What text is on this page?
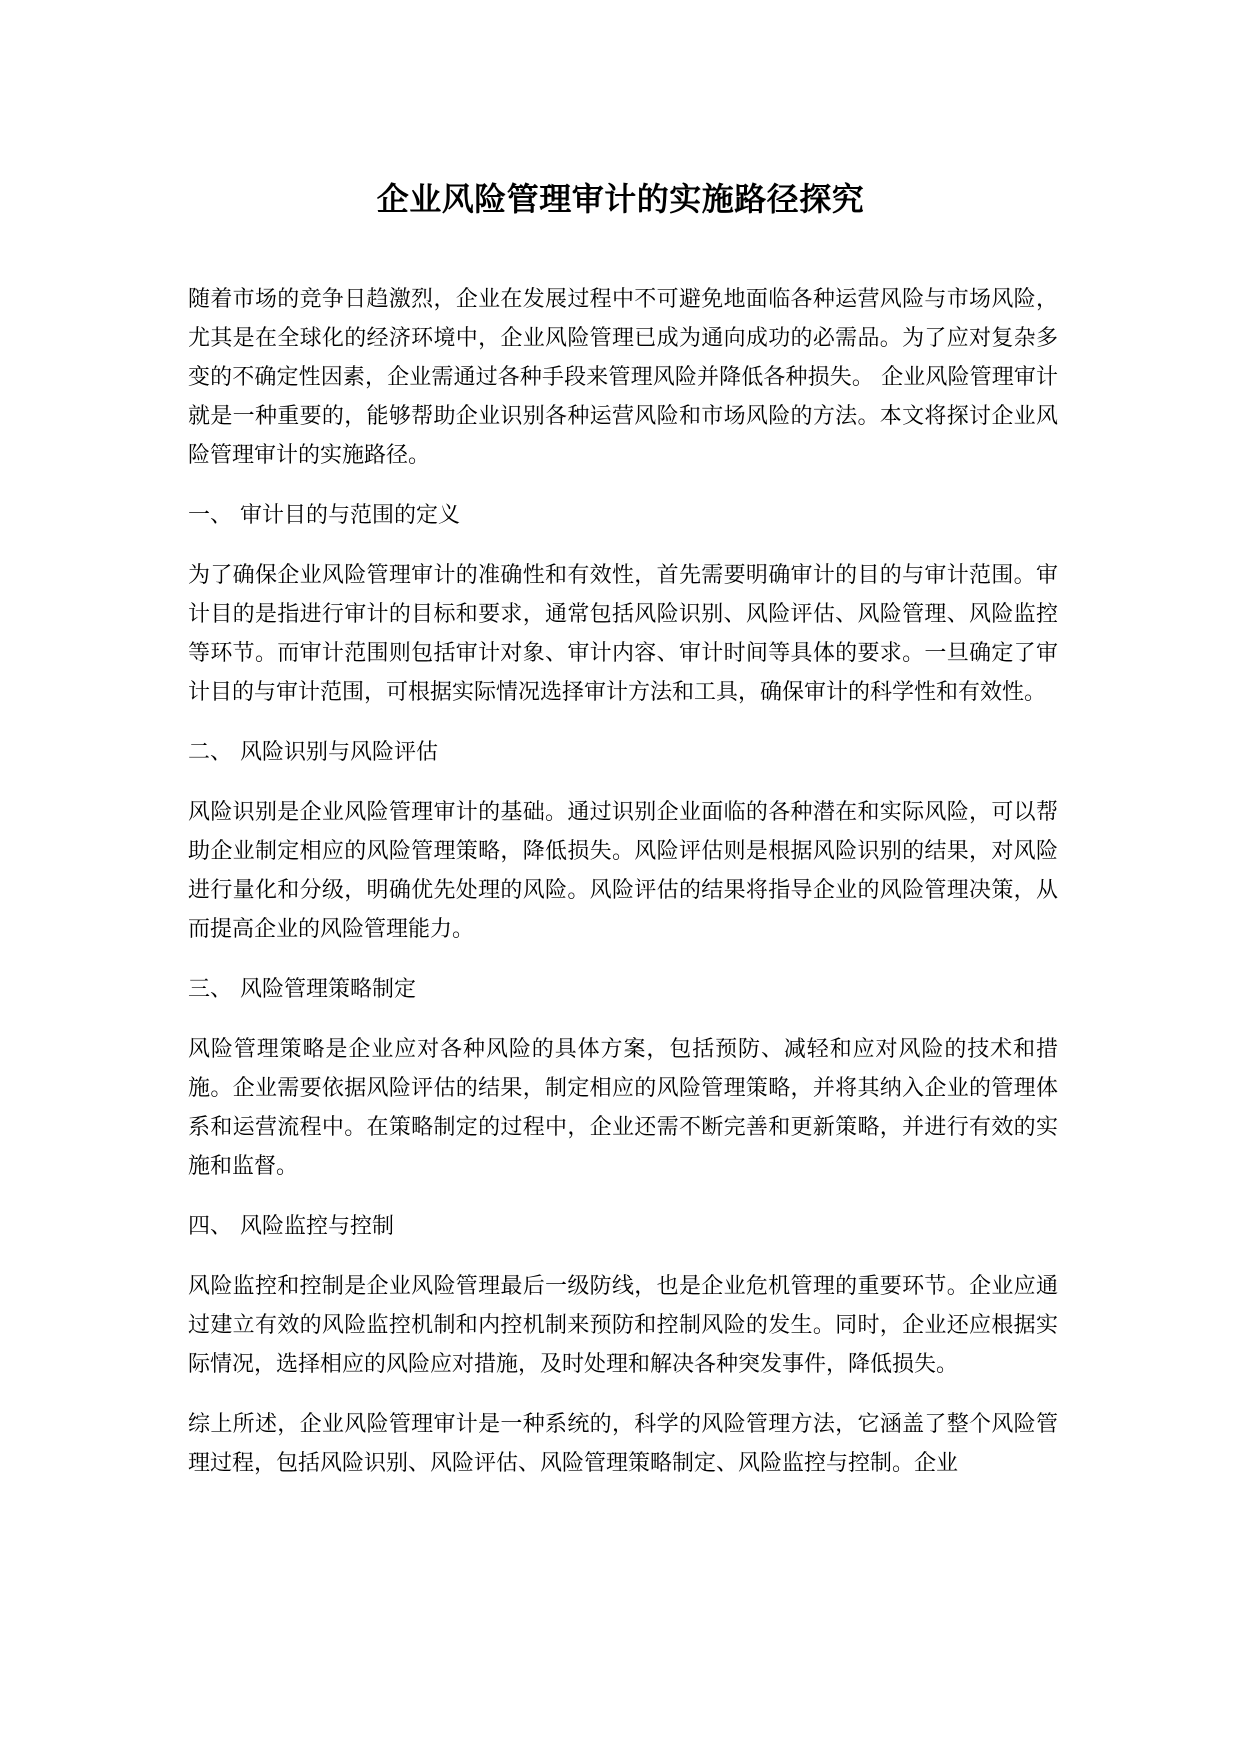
企业风险管理审计的实施路径探究

随着市场的竞争日趋激烈，企业在发展过程中不可避免地面临各种运营风险与市场风险，尤其是在全球化的经济环境中，企业风险管理已成为通向成功的必需品。为了应对复杂多变的不确定性因素，企业需通过各种手段来管理风险并降低各种损失。 企业风险管理审计就是一种重要的，能够帮助企业识别各种运营风险和市场风险的方法。本文将探讨企业风险管理审计的实施路径。

一、 审计目的与范围的定义

为了确保企业风险管理审计的准确性和有效性，首先需要明确审计的目的与审计范围。审计目的是指进行审计的目标和要求，通常包括风险识别、风险评估、风险管理、风险监控等环节。而审计范围则包括审计对象、审计内容、审计时间等具体的要求。一旦确定了审计目的与审计范围，可根据实际情况选择审计方法和工具，确保审计的科学性和有效性。

二、 风险识别与风险评估

风险识别是企业风险管理审计的基础。通过识别企业面临的各种潜在和实际风险，可以帮助企业制定相应的风险管理策略，降低损失。风险评估则是根据风险识别的结果，对风险进行量化和分级，明确优先处理的风险。风险评估的结果将指导企业的风险管理决策，从而提高企业的风险管理能力。

三、 风险管理策略制定

风险管理策略是企业应对各种风险的具体方案，包括预防、减轻和应对风险的技术和措施。企业需要依据风险评估的结果，制定相应的风险管理策略，并将其纳入企业的管理体系和运营流程中。在策略制定的过程中，企业还需不断完善和更新策略，并进行有效的实施和监督。

四、 风险监控与控制

风险监控和控制是企业风险管理最后一级防线，也是企业危机管理的重要环节。企业应通过建立有效的风险监控机制和内控机制来预防和控制风险的发生。同时，企业还应根据实际情况，选择相应的风险应对措施，及时处理和解决各种突发事件，降低损失。

综上所述，企业风险管理审计是一种系统的，科学的风险管理方法，它涵盖了整个风险管理过程，包括风险识别、风险评估、风险管理策略制定、风险监控与控制。企业
